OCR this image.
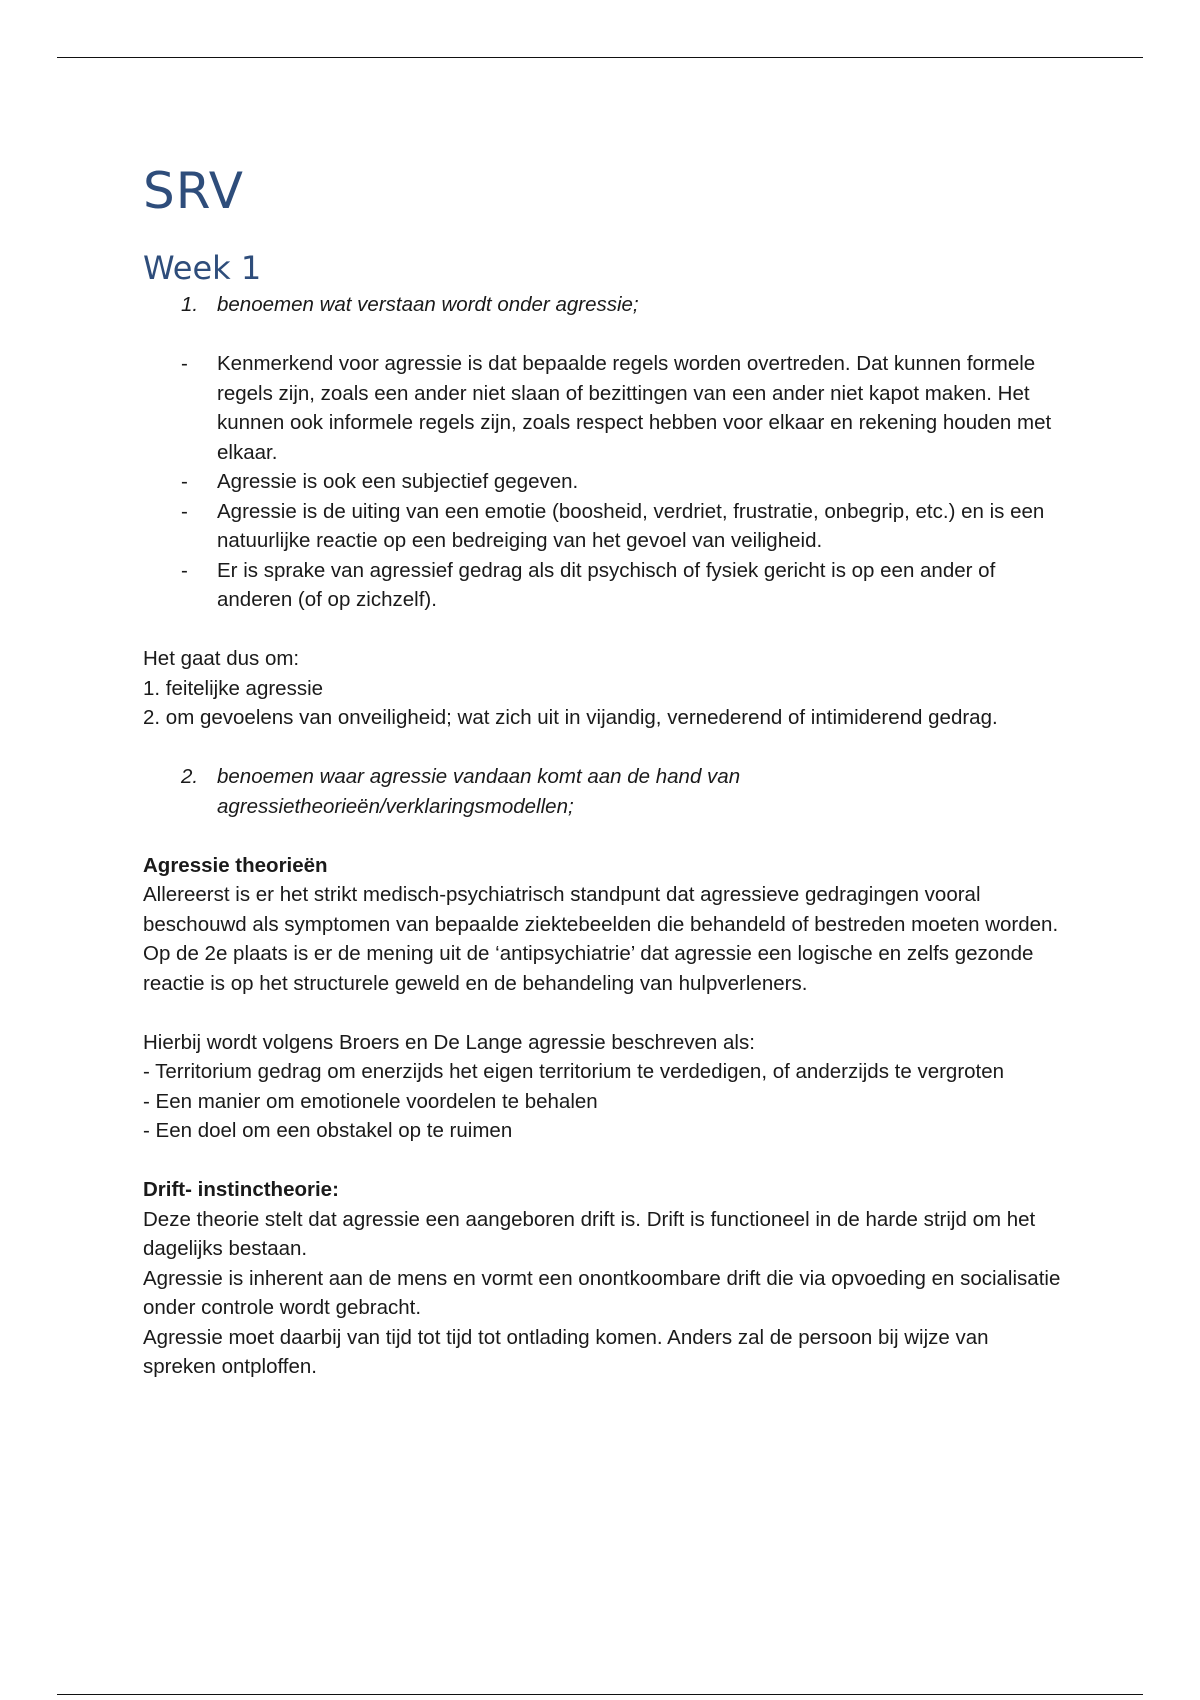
SRV
Week 1
1. benoemen wat verstaan wordt onder agressie;
-	Kenmerkend voor agressie is dat bepaalde regels worden overtreden. Dat kunnen formele regels zijn, zoals een ander niet slaan of bezittingen van een ander niet kapot maken. Het kunnen ook informele regels zijn, zoals respect hebben voor elkaar en rekening houden met elkaar.
-	Agressie is ook een subjectief gegeven.
-	Agressie is de uiting van een emotie (boosheid, verdriet, frustratie, onbegrip, etc.) en is een natuurlijke reactie op een bedreiging van het gevoel van veiligheid.
-	Er is sprake van agressief gedrag als dit psychisch of fysiek gericht is op een ander of anderen (of op zichzelf).

Het gaat dus om:

1. feitelijke agressie

2. om gevoelens van onveiligheid; wat zich uit in vijandig, vernederend of intimiderend gedrag.

2. benoemen waar agressie vandaan komt aan de hand van agressietheorieën/verklaringsmodellen;

Agressie theorieën

Allereerst is er het strikt medisch-psychiatrisch standpunt dat agressieve gedragingen vooral beschouwd als symptomen van bepaalde ziektebeelden die behandeld of bestreden moeten worden.

Op de 2e plaats is er de mening uit de ‘antipsychiatrie’ dat agressie een logische en zelfs gezonde reactie is op het structurele geweld en de behandeling van hulpverleners.

Hierbij wordt volgens Broers en De Lange agressie beschreven als:

- Territorium gedrag om enerzijds het eigen territorium te verdedigen, of anderzijds te vergroten

- Een manier om emotionele voordelen te behalen

- Een doel om een obstakel op te ruimen

Drift- instinctheorie:

Deze theorie stelt dat agressie een aangeboren drift is. Drift is functioneel in de harde strijd om het dagelijks bestaan.

Agressie is inherent aan de mens en vormt een onontkoombare drift die via opvoeding en socialisatie onder controle wordt gebracht.

Agressie moet daarbij van tijd tot tijd tot ontlading komen. Anders zal de persoon bij wijze van spreken ontploffen.
